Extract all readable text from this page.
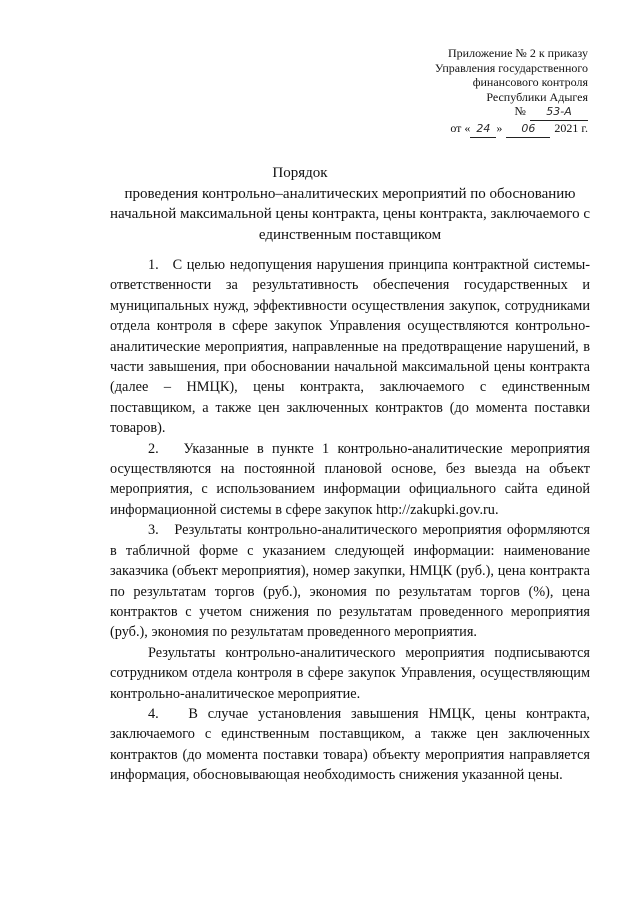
Приложение № 2 к приказу
Управления государственного
финансового контроля
Республики Адыгея
№ 53-А
от « 24 » 06 2021 г.
Порядок
проведения контрольно–аналитических мероприятий по обоснованию начальной максимальной цены контракта, цены контракта, заключаемого с единственным поставщиком

1.   С целью недопущения нарушения принципа контрактной системы-ответственности за результативность обеспечения государственных и муниципальных нужд, эффективности осуществления закупок, сотрудниками отдела контроля в сфере закупок Управления осуществляются контрольно-аналитические мероприятия, направленные на предотвращение нарушений, в части завышения, при обосновании начальной максимальной цены контракта (далее – НМЦК), цены контракта, заключаемого с единственным поставщиком, а также цен заключенных контрактов (до момента поставки товаров).

2.   Указанные в пункте 1 контрольно-аналитические мероприятия осуществляются на постоянной плановой основе, без выезда на объект мероприятия, с использованием информации официального сайта единой информационной системы в сфере закупок http://zakupki.gov.ru.

3.   Результаты контрольно-аналитического мероприятия оформляются в табличной форме с указанием следующей информации: наименование заказчика (объект мероприятия), номер закупки, НМЦК (руб.), цена контракта по результатам торгов (руб.), экономия по результатам торгов (%), цена контрактов с учетом снижения по результатам проведенного мероприятия (руб.), экономия по результатам проведенного мероприятия.

Результаты контрольно-аналитического мероприятия подписываются сотрудником отдела контроля в сфере закупок Управления, осуществляющим контрольно-аналитическое мероприятие.

4.   В случае установления завышения НМЦК, цены контракта, заключаемого с единственным поставщиком, а также цен заключенных контрактов (до момента поставки товара) объекту мероприятия направляется информация, обосновывающая необходимость снижения указанной цены.
